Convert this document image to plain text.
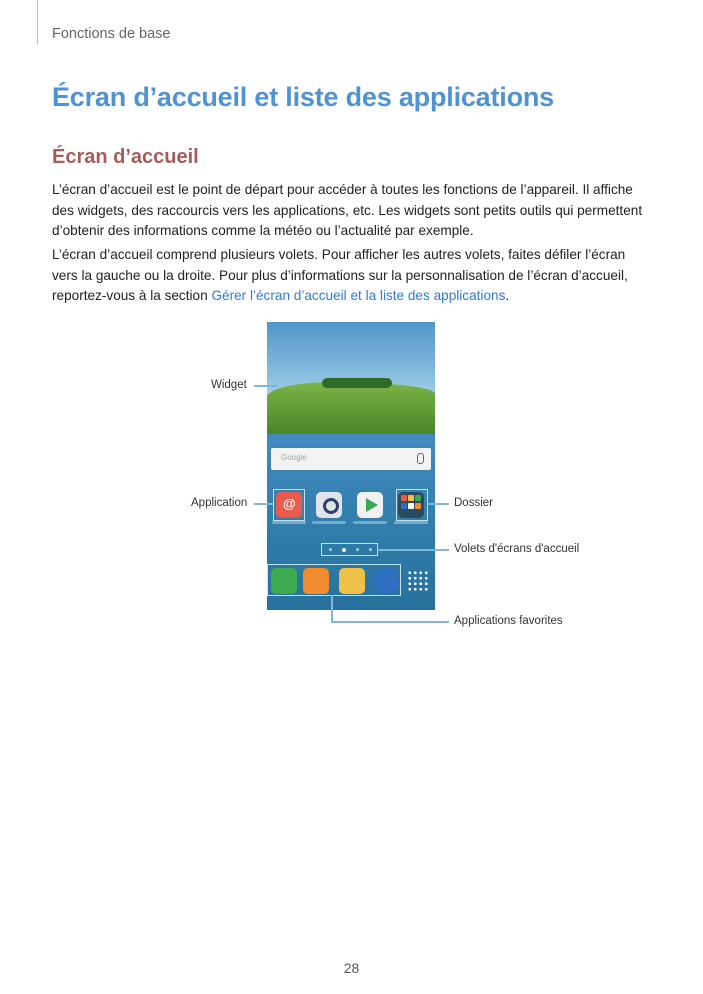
Fonctions de base
Écran d’accueil et liste des applications
Écran d’accueil

L’écran d’accueil est le point de départ pour accéder à toutes les fonctions de l’appareil. Il affiche des widgets, des raccourcis vers les applications, etc. Les widgets sont petits outils qui permettent d’obtenir des informations comme la météo ou l’actualité par exemple.

L’écran d’accueil comprend plusieurs volets. Pour afficher les autres volets, faites défiler l’écran vers la gauche ou la droite. Pour plus d’informations sur la personnalisation de l’écran d’accueil, reportez-vous à la section Gérer l’écran d’accueil et la liste des applications.

Google
@
Widget
Application	Dossier
Volets d'écrans d'accueil
Applications favorites
28
